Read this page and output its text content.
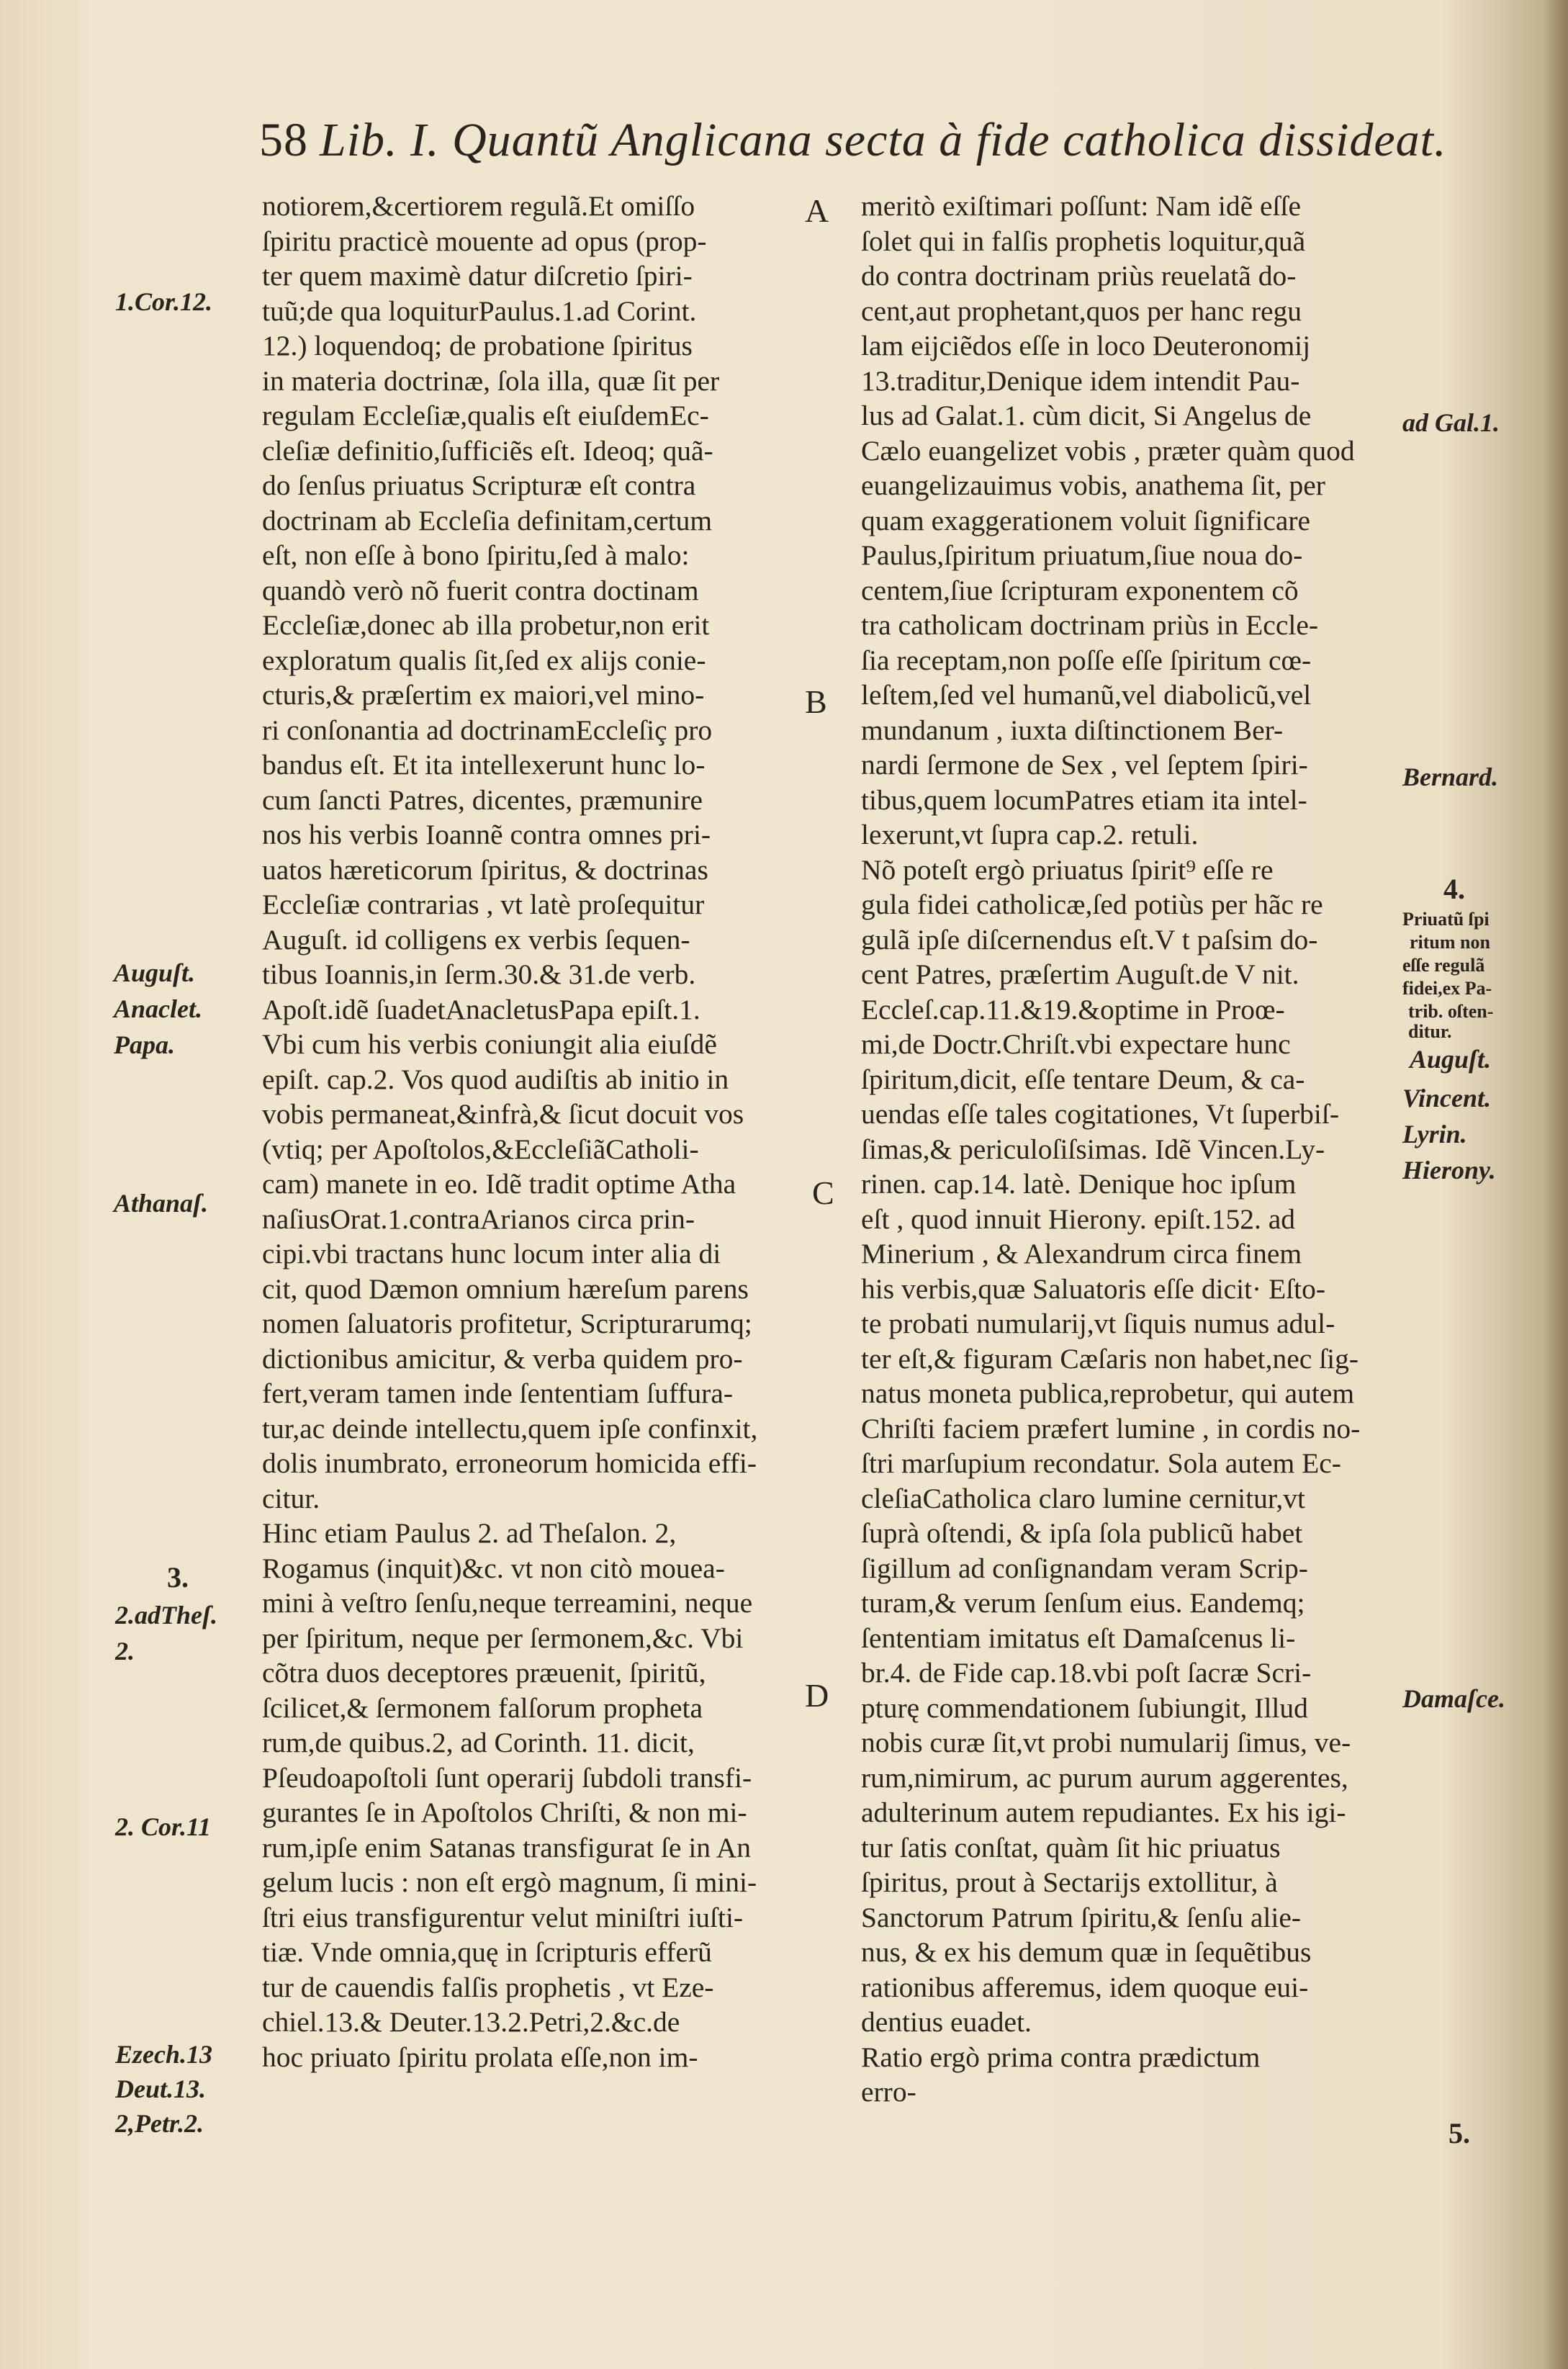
58 Lib. I. Quantũ Anglicana secta à fide catholica dissideat.
notiorem,&certiorem regulã.Et omiſſo
ſpiritu practicè mouente ad opus (prop-
ter quem maximè datur diſcretio ſpiri-
tuũ;de qua loquiturPaulus.1.ad Corint.
12.) loquendoq; de probatione ſpiritus
in materia doctrinæ, ſola illa, quæ ſit per
regulam Eccleſiæ,qualis eſt eiuſdemEc-
cleſiæ definitio,ſufficiẽs eſt. Ideoq; quã-
do ſenſus priuatus Scripturæ eſt contra
doctrinam ab Eccleſia definitam,certum
eſt, non eſſe à bono ſpiritu,ſed à malo:
quandò verò nõ fuerit contra doctinam
Eccleſiæ,donec ab illa probetur,non erit
exploratum qualis ſit,ſed ex alijs conie-
cturis,& præſertim ex maiori,vel mino-
ri conſonantia ad doctrinamEccleſiç pro
bandus eſt. Et ita intellexerunt hunc lo-
cum ſancti Patres, dicentes, præmunire
nos his verbis Ioannẽ contra omnes pri-
uatos hæreticorum ſpiritus, & doctrinas
Eccleſiæ contrarias , vt latè proſequitur
Auguſt. id colligens ex verbis ſequen-
tibus Ioannis,in ſerm.30.& 31.de verb.
Apoſt.idẽ ſuadetAnacletusPapa epiſt.1.
Vbi cum his verbis coniungit alia eiuſdẽ
epiſt. cap.2. Vos quod audiſtis ab initio in
vobis permaneat,&infrà,& ſicut docuit vos
(vtiq; per Apoſtolos,&EccleſiãCatholi-
cam) manete in eo. Idẽ tradit optime Atha
naſiusOrat.1.contraArianos circa prin-
cipi.vbi tractans hunc locum inter alia di
cit, quod Dæmon omnium hæreſum parens
nomen ſaluatoris profitetur, Scripturarumq;
dictionibus amicitur, & verba quidem pro-
fert,veram tamen inde ſententiam ſuffura-
tur,ac deinde intellectu,quem ipſe confinxit,
dolis inumbrato, erroneorum homicida effi-
citur.
Hinc etiam Paulus 2. ad Theſalon. 2,
Rogamus (inquit)&c. vt non citò mouea-
mini à veſtro ſenſu,neque terreamini, neque
per ſpiritum, neque per ſermonem,&c. Vbi
cõtra duos deceptores præuenit, ſpiritũ,
ſcilicet,& ſermonem falſorum propheta
rum,de quibus.2, ad Corinth. 11. dicit,
Pſeudoapoſtoli ſunt operarij ſubdoli transfi-
gurantes ſe in Apoſtolos Chriſti, & non mi-
rum,ipſe enim Satanas transfigurat ſe in An
gelum lucis : non eſt ergò magnum, ſi mini-
ſtri eius transfigurentur velut miniſtri iuſti-
tiæ. Vnde omnia,quę in ſcripturis efferũ
tur de cauendis falſis prophetis , vt Eze-
chiel.13.& Deuter.13.2.Petri,2.&c.de
hoc priuato ſpiritu prolata eſſe,non im-
meritò exiſtimari poſſunt: Nam idẽ eſſe
ſolet qui in falſis prophetis loquitur,quã
do contra doctrinam priùs reuelatã do-
cent,aut prophetant,quos per hanc regu
lam eijciẽdos eſſe in loco Deuteronomij
13.traditur,Denique idem intendit Pau-
lus ad Galat.1. cùm dicit, Si Angelus de
Cælo euangelizet vobis , præter quàm quod
euangelizauimus vobis, anathema ſit, per
quam exaggerationem voluit ſignificare
Paulus,ſpiritum priuatum,ſiue noua do-
centem,ſiue ſcripturam exponentem cõ
tra catholicam doctrinam priùs in Eccle-
ſia receptam,non poſſe eſſe ſpiritum cœ-
leſtem,ſed vel humanũ,vel diabolicũ,vel
mundanum , iuxta diſtinctionem Ber-
nardi ſermone de Sex , vel ſeptem ſpiri-
tibus,quem locumPatres etiam ita intel-
lexerunt,vt ſupra cap.2. retuli.
Nõ poteſt ergò priuatus ſpirit⁹ eſſe re
gula fidei catholicæ,ſed potiùs per hãc re
gulã ipſe diſcernendus eſt.V t paſsim do-
cent Patres, præſertim Auguſt.de V nit.
Eccleſ.cap.11.&19.&optime in Proœ-
mi,de Doctr.Chriſt.vbi expectare hunc
ſpiritum,dicit, eſſe tentare Deum, & ca-
uendas eſſe tales cogitationes, Vt ſuperbiſ-
ſimas,& periculoſiſsimas. Idẽ Vincen.Ly-
rinen. cap.14. latè. Denique hoc ipſum
eſt , quod innuit Hierony. epiſt.152. ad
Minerium , & Alexandrum circa finem
his verbis,quæ Saluatoris eſſe dicit· Eſto-
te probati numularij,vt ſiquis numus adul-
ter eſt,& figuram Cæſaris non habet,nec ſig-
natus moneta publica,reprobetur, qui autem
Chriſti faciem præfert lumine , in cordis no-
ſtri marſupium recondatur. Sola autem Ec-
cleſiaCatholica claro lumine cernitur,vt
ſuprà oſtendi, & ipſa ſola publicũ habet
ſigillum ad conſignandam veram Scrip-
turam,& verum ſenſum eius. Eandemq;
ſententiam imitatus eſt Damaſcenus li-
br.4. de Fide cap.18.vbi poſt ſacræ Scri-
pturę commendationem ſubiungit, Illud
nobis curæ ſit,vt probi numularij ſimus, ve-
rum,nimirum, ac purum aurum aggerentes,
adulterinum autem repudiantes. Ex his igi-
tur ſatis conſtat, quàm ſit hic priuatus
ſpiritus, prout à Sectarijs extollitur, à
Sanctorum Patrum ſpiritu,& ſenſu alie-
nus, & ex his demum quæ in ſequẽtibus
rationibus afferemus, idem quoque eui-
dentius euadet.
Ratio ergò prima contra prædictum
erro-
A
B
C
D
1.Cor.12.
Auguſt.
Anaclet.
Papa.
Athanaſ.
3.
2.adTheſ.
2.
2. Cor.11
Ezech.13
Deut.13.
2,Petr.2.
ad Gal.1.
Bernard.
4.
Priuatũ ſpi
ritum non
eſſe regulã
fidei,ex Pa-
trib. oſten-
ditur.
Auguſt.
Vincent.
Lyrin.
Hierony.
Damaſce.
5.
